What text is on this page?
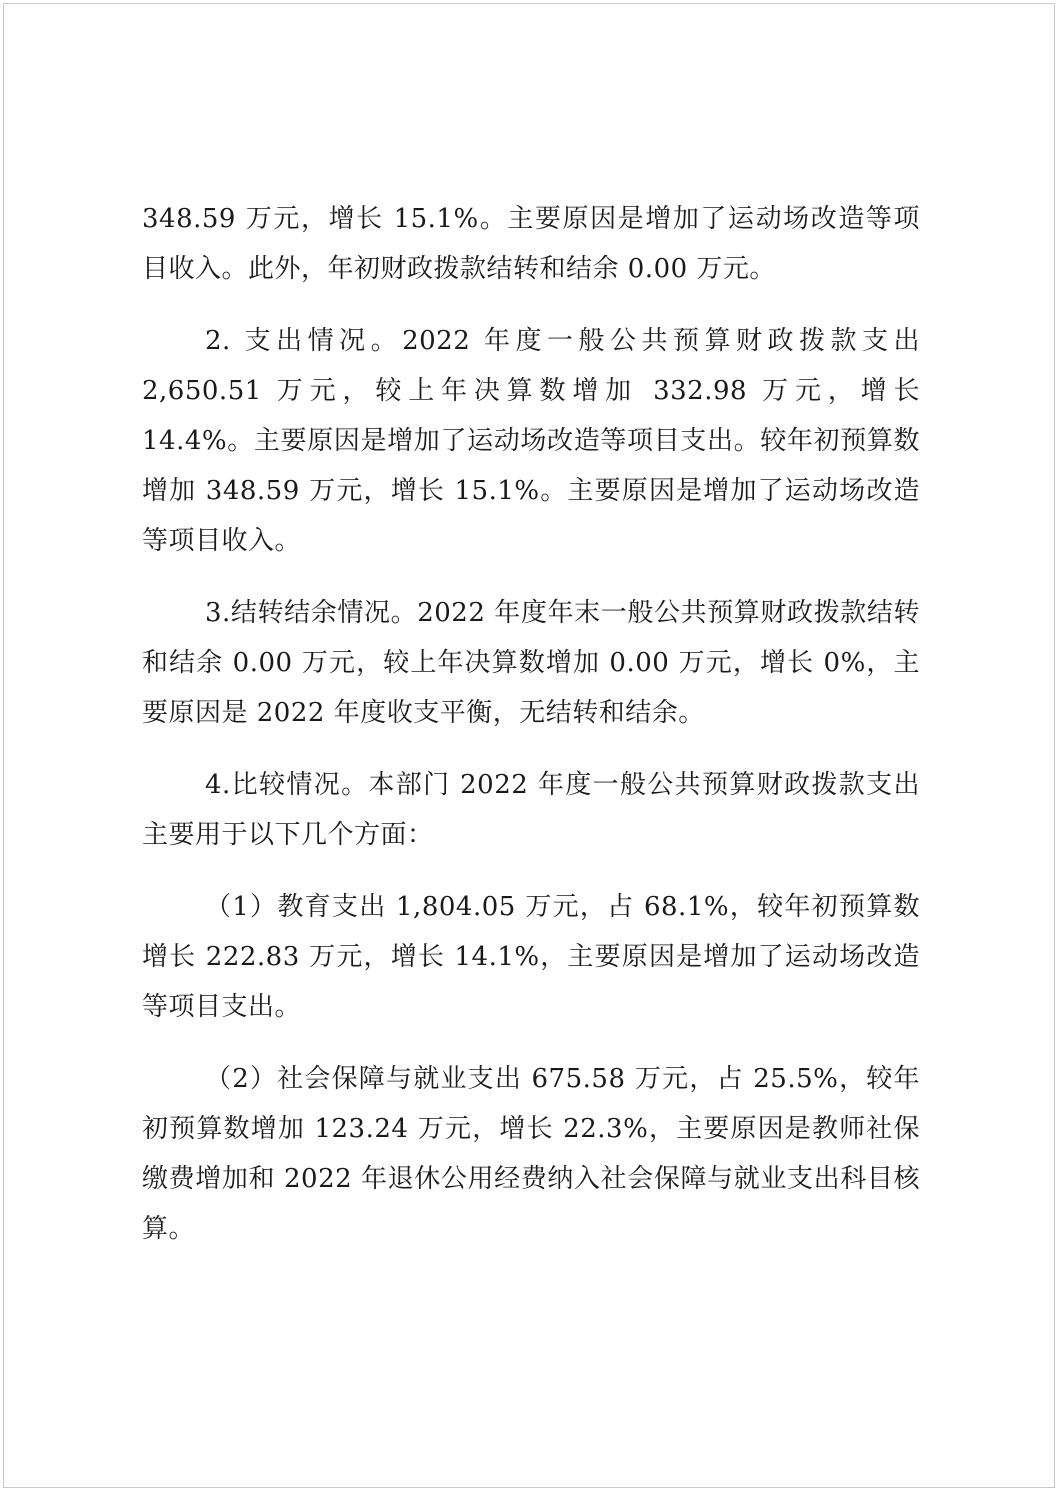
348.59 万元，增长 15.1%。主要原因是增加了运动场改造等项目收入。此外，年初财政拨款结转和结余 0.00 万元。

2. 支出情况。2022 年度一般公共预算财政拨款支出 2,650.51 万元，较上年决算数增加 332.98 万元，增长 14.4%。主要原因是增加了运动场改造等项目支出。较年初预算数增加 348.59 万元，增长 15.1%。主要原因是增加了运动场改造等项目收入。

3.结转结余情况。2022 年度年末一般公共预算财政拨款结转和结余 0.00 万元，较上年决算数增加 0.00 万元，增长 0%，主要原因是 2022 年度收支平衡，无结转和结余。

4.比较情况。本部门 2022 年度一般公共预算财政拨款支出主要用于以下几个方面：

（1）教育支出 1,804.05 万元，占 68.1%，较年初预算数增长 222.83 万元，增长 14.1%，主要原因是增加了运动场改造等项目支出。

（2）社会保障与就业支出 675.58 万元，占 25.5%，较年初预算数增加 123.24 万元，增长 22.3%，主要原因是教师社保缴费增加和 2022 年退休公用经费纳入社会保障与就业支出科目核算。
